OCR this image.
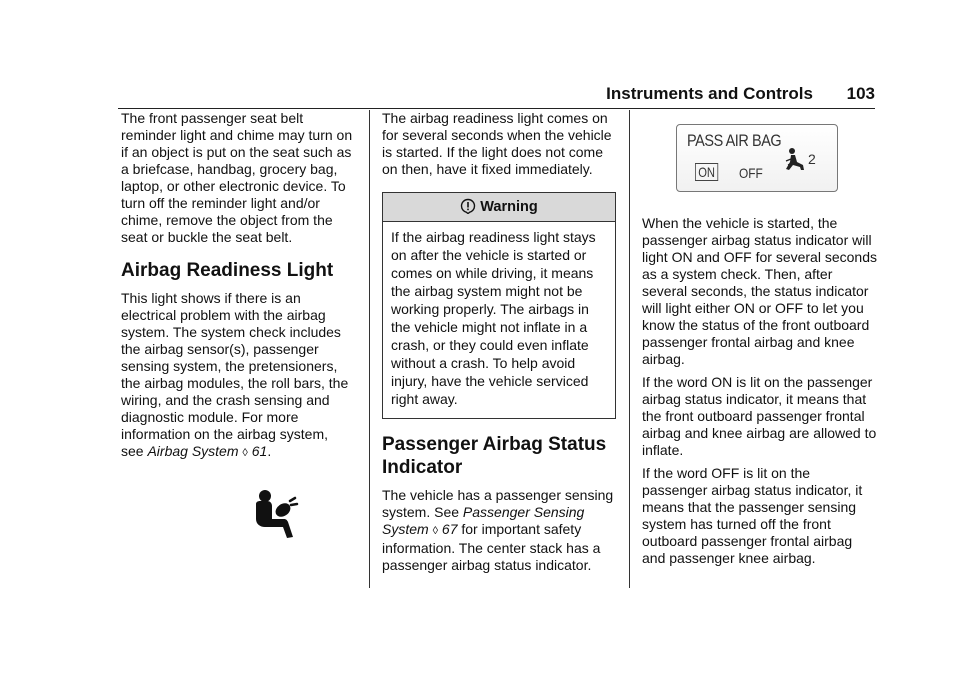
Instruments and Controls 103

The front passenger seat belt reminder light and chime may turn on if an object is put on the seat such as a briefcase, handbag, grocery bag, laptop, or other electronic device. To turn off the reminder light and/or chime, remove the object from the seat or buckle the seat belt.

Airbag Readiness Light

This light shows if there is an electrical problem with the airbag system. The system check includes the airbag sensor(s), passenger sensing system, the pretensioners, the airbag modules, the roll bars, the wiring, and the crash sensing and diagnostic module. For more information on the airbag system, see Airbag System ◊ 61.

The airbag readiness light comes on for several seconds when the vehicle is started. If the light does not come on then, have it fixed immediately.

Warning

If the airbag readiness light stays on after the vehicle is started or comes on while driving, it means the airbag system might not be working properly. The airbags in the vehicle might not inflate in a crash, or they could even inflate without a crash. To help avoid injury, have the vehicle serviced right away.

Passenger Airbag Status
Indicator

The vehicle has a passenger sensing system. See Passenger Sensing System ◊ 67 for important safety information. The center stack has a passenger airbag status indicator.

PASS AIR BAG
ON OFF
2

When the vehicle is started, the passenger airbag status indicator will light ON and OFF for several seconds as a system check. Then, after several seconds, the status indicator will light either ON or OFF to let you know the status of the front outboard passenger frontal airbag and knee airbag.

If the word ON is lit on the passenger airbag status indicator, it means that the front outboard passenger frontal airbag and knee airbag are allowed to inflate.

If the word OFF is lit on the passenger airbag status indicator, it means that the passenger sensing system has turned off the front outboard passenger frontal airbag and passenger knee airbag.
